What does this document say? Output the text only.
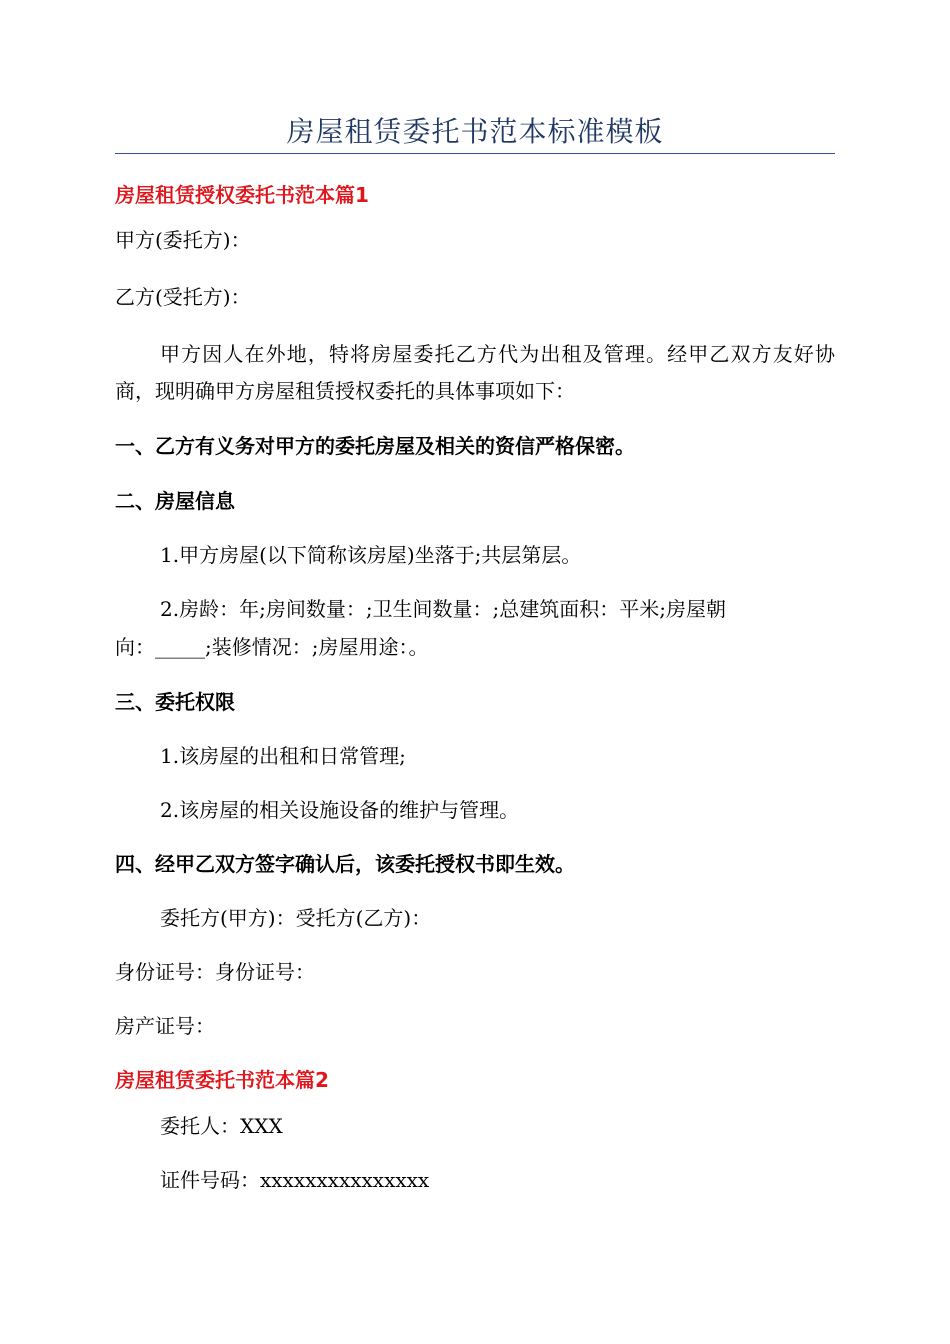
房屋租赁委托书范本标准模板
房屋租赁授权委托书范本篇1
甲方(委托方)：
乙方(受托方)：
甲方因人在外地，特将房屋委托乙方代为出租及管理。经甲乙双方友好协商，现明确甲方房屋租赁授权委托的具体事项如下：
一、乙方有义务对甲方的委托房屋及相关的资信严格保密。
二、房屋信息
1.甲方房屋(以下简称该房屋)坐落于;共层第层。
2.房龄：年;房间数量：;卫生间数量：;总建筑面积：平米;房屋朝
向：_____;装修情况：;房屋用途：。
三、委托权限
1.该房屋的出租和日常管理;
2.该房屋的相关设施设备的维护与管理。
四、经甲乙双方签字确认后，该委托授权书即生效。
委托方(甲方)：受托方(乙方)：
身份证号：身份证号：
房产证号：
房屋租赁委托书范本篇2
委托人：XXX
证件号码：xxxxxxxxxxxxxxx
